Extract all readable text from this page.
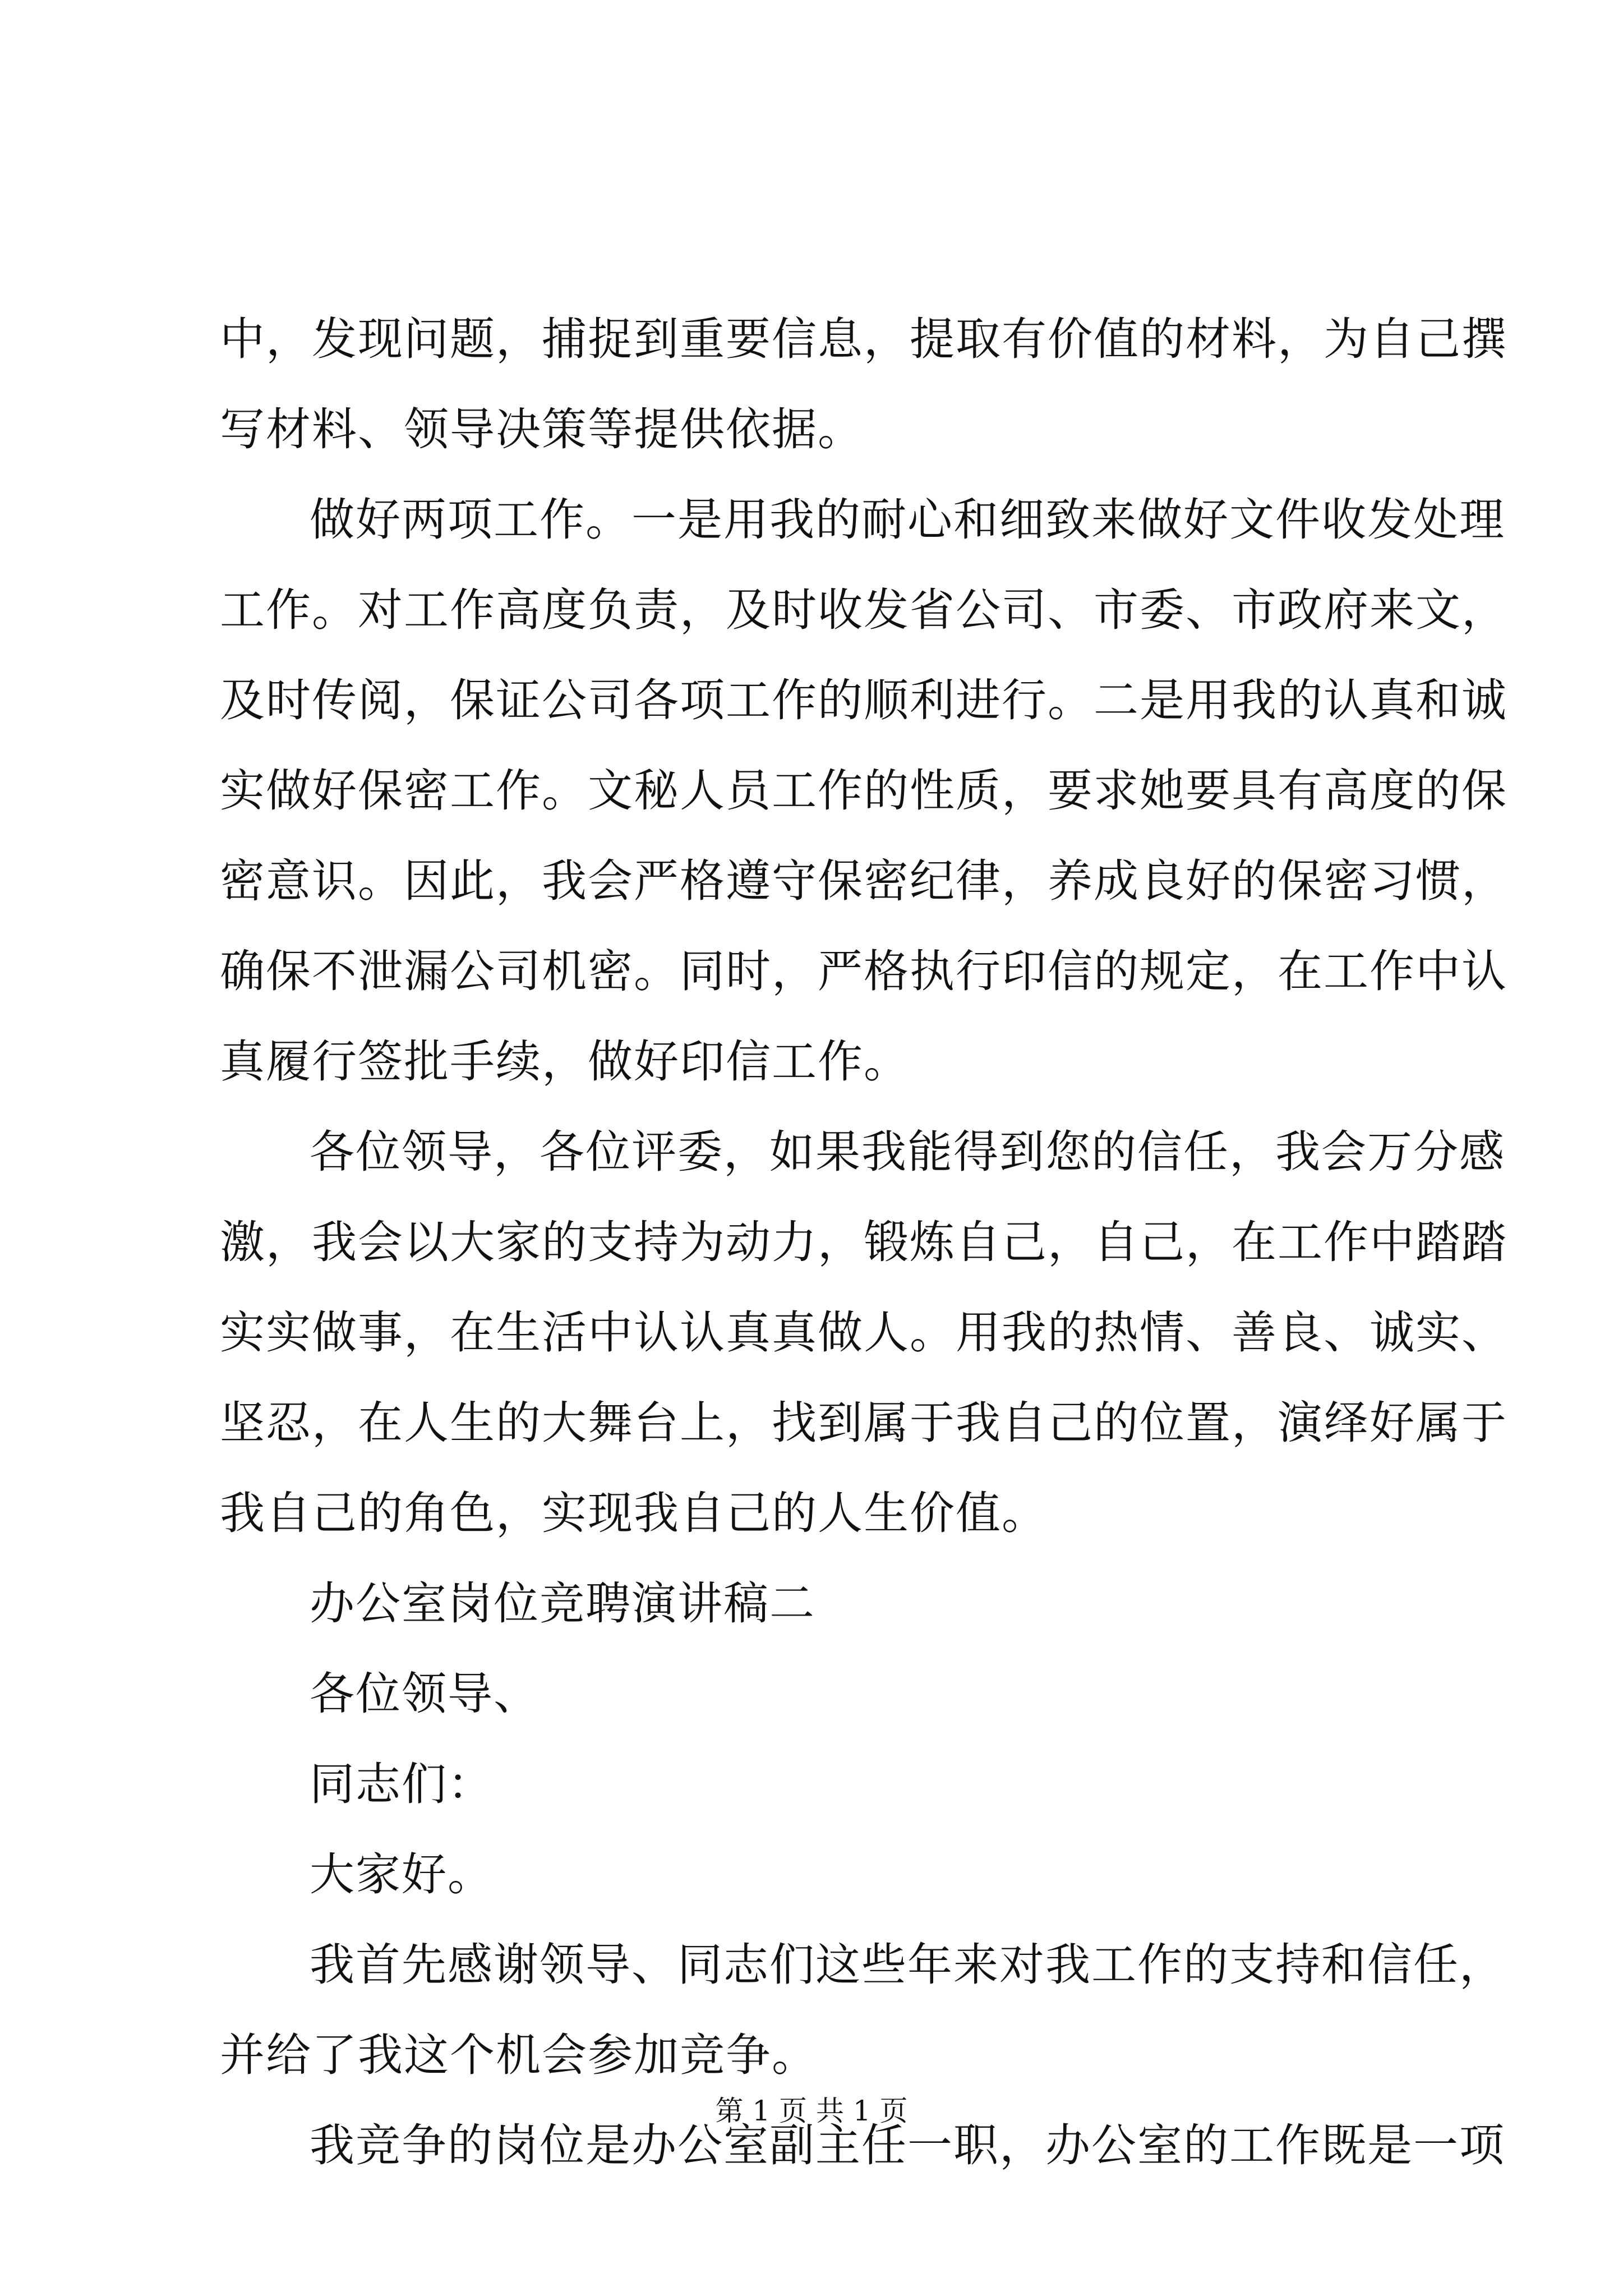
中，发现问题，捕捉到重要信息，提取有价值的材料，为自己撰
写材料、领导决策等提供依据。
做好两项工作。一是用我的耐心和细致来做好文件收发处理
工作。对工作高度负责，及时收发省公司、市委、市政府来文，
及时传阅，保证公司各项工作的顺利进行。二是用我的认真和诚
实做好保密工作。文秘人员工作的性质，要求她要具有高度的保
密意识。因此，我会严格遵守保密纪律，养成良好的保密习惯，
确保不泄漏公司机密。同时，严格执行印信的规定，在工作中认
真履行签批手续，做好印信工作。
各位领导，各位评委，如果我能得到您的信任，我会万分感
激，我会以大家的支持为动力，锻炼自己，自己，在工作中踏踏
实实做事，在生活中认认真真做人。用我的热情、善良、诚实、
坚忍，在人生的大舞台上，找到属于我自己的位置，演绎好属于
我自己的角色，实现我自己的人生价值。
办公室岗位竞聘演讲稿二
各位领导、
同志们：
大家好。
我首先感谢领导、同志们这些年来对我工作的支持和信任，
并给了我这个机会参加竞争。
我竞争的岗位是办公室副主任一职，办公室的工作既是一项
第 1 页 共 1 页
